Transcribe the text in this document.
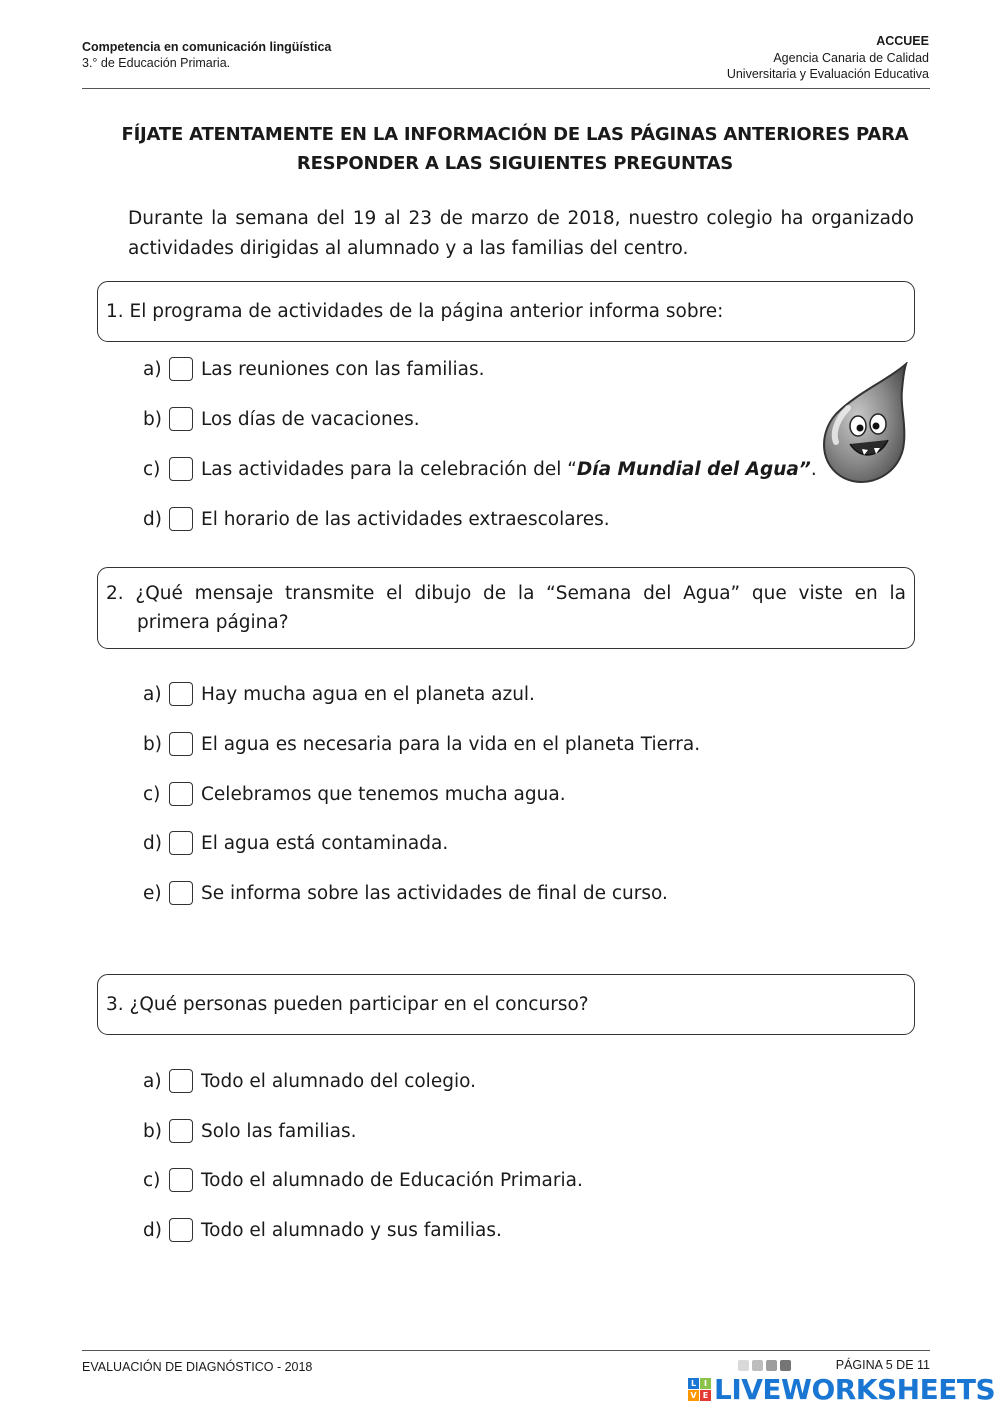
Competencia en comunicación lingüística
3.° de Educación Primaria.
ACCUEE
Agencia Canaria de Calidad
Universitaria y Evaluación Educativa
FÍJATE ATENTAMENTE EN LA INFORMACIÓN DE LAS PÁGINAS ANTERIORES PARA
RESPONDER A LAS SIGUIENTES PREGUNTAS
Durante la semana del 19 al 23 de marzo de 2018, nuestro colegio ha organizado actividades dirigidas al alumnado y a las familias del centro.
1. El programa de actividades de la página anterior informa sobre:
a) Las reuniones con las familias.
b) Los días de vacaciones.
c)	Las actividades para la celebración del “ Día Mundial del Agua” .
d) El horario de las actividades extraescolares.
2. ¿Qué mensaje transmite el dibujo de la “Semana del Agua” que viste en la
primera página?
a) Hay mucha agua en el planeta azul.
b) El agua es necesaria para la vida en el planeta Tierra.
c)	Celebramos que tenemos mucha agua.
d) El agua está contaminada.
e) Se informa sobre las actividades de final de curso.
3. ¿Qué personas pueden participar en el concurso?
a) Todo el alumnado del colegio.
b) Solo las familias.
c)	Todo el alumnado de Educación Primaria.
d) Todo el alumnado y sus familias.
EVALUACIÓN DE DIAGNÓSTICO - 2018	PÁGINA 5 DE 11
L I
V E LIVEWORKSHEETS
